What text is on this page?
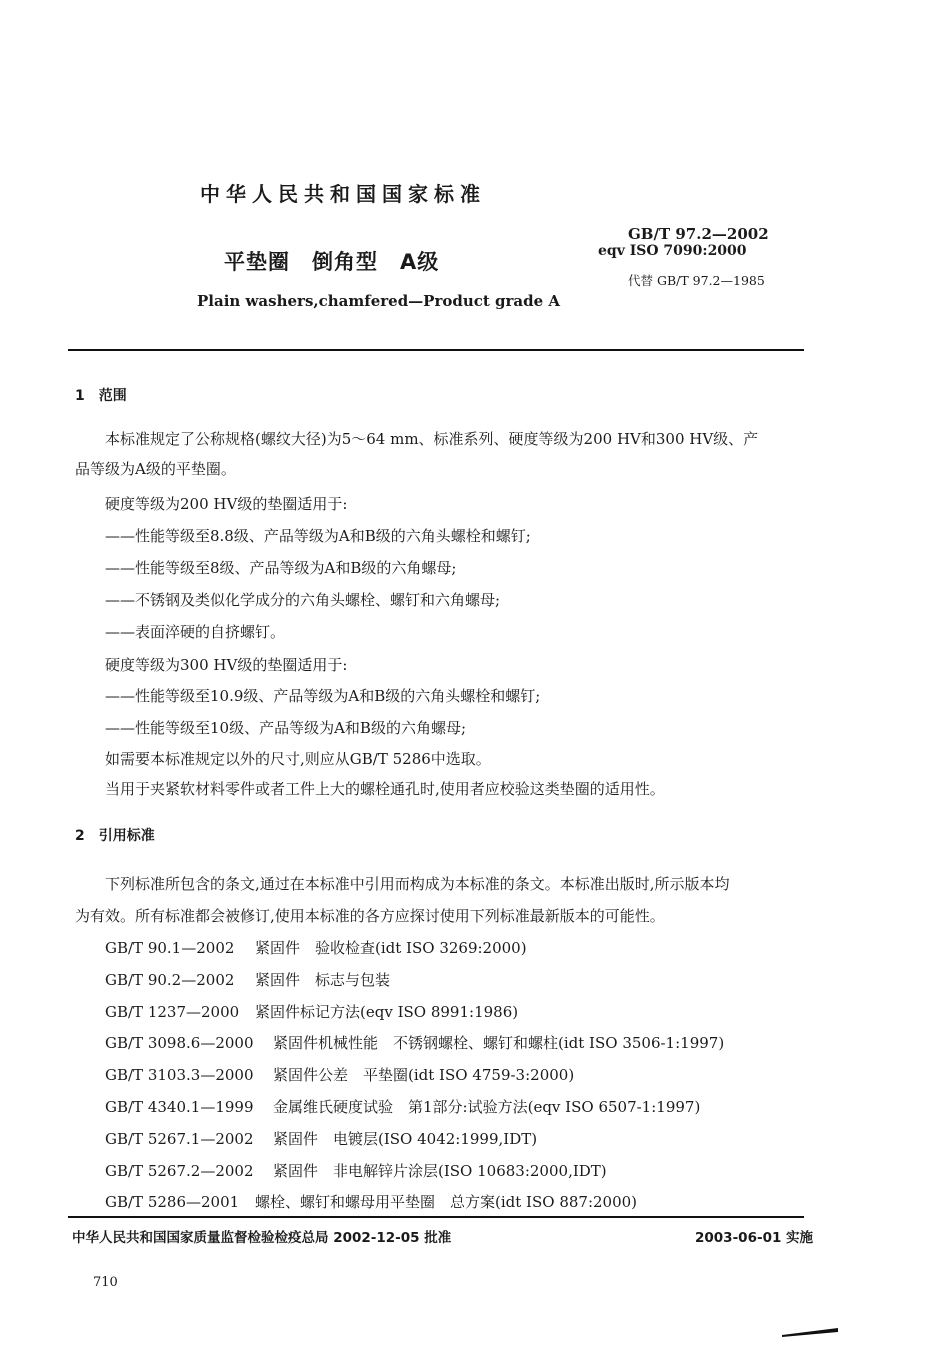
中华人民共和国国家标准
GB/T 97.2—2002
eqv ISO 7090:2000
代替 GB/T 97.2—1985
平垫圈　倒角型　A级
Plain washers,chamfered—Product grade A
1　范围
本标准规定了公称规格(螺纹大径)为5～64 mm、标准系列、硬度等级为200 HV和300 HV级、产
品等级为A级的平垫圈。
硬度等级为200 HV级的垫圈适用于:
——性能等级至8.8级、产品等级为A和B级的六角头螺栓和螺钉;
——性能等级至8级、产品等级为A和B级的六角螺母;
——不锈钢及类似化学成分的六角头螺栓、螺钉和六角螺母;
——表面淬硬的自挤螺钉。
硬度等级为300 HV级的垫圈适用于:
——性能等级至10.9级、产品等级为A和B级的六角头螺栓和螺钉;
——性能等级至10级、产品等级为A和B级的六角螺母;
如需要本标准规定以外的尺寸,则应从GB/T 5286中选取。
当用于夹紧软材料零件或者工件上大的螺栓通孔时,使用者应校验这类垫圈的适用性。
2　引用标准
下列标准所包含的条文,通过在本标准中引用而构成为本标准的条文。本标准出版时,所示版本均
为有效。所有标准都会被修订,使用本标准的各方应探讨使用下列标准最新版本的可能性。
GB/T 90.1—2002 紧固件　验收检查(idt ISO 3269:2000)
GB/T 90.2—2002 紧固件　标志与包装
GB/T 1237—2000 紧固件标记方法(eqv ISO 8991:1986)
GB/T 3098.6—2000 紧固件机械性能　不锈钢螺栓、螺钉和螺柱(idt ISO 3506-1:1997)
GB/T 3103.3—2000 紧固件公差　平垫圈(idt ISO 4759-3:2000)
GB/T 4340.1—1999 金属维氏硬度试验　第1部分:试验方法(eqv ISO 6507-1:1997)
GB/T 5267.1—2002 紧固件　电镀层(ISO 4042:1999,IDT)
GB/T 5267.2—2002 紧固件　非电解锌片涂层(ISO 10683:2000,IDT)
GB/T 5286—2001 螺栓、螺钉和螺母用平垫圈　总方案(idt ISO 887:2000)
中华人民共和国国家质量监督检验检疫总局 2002-12-05 批准	2003-06-01 实施
710
